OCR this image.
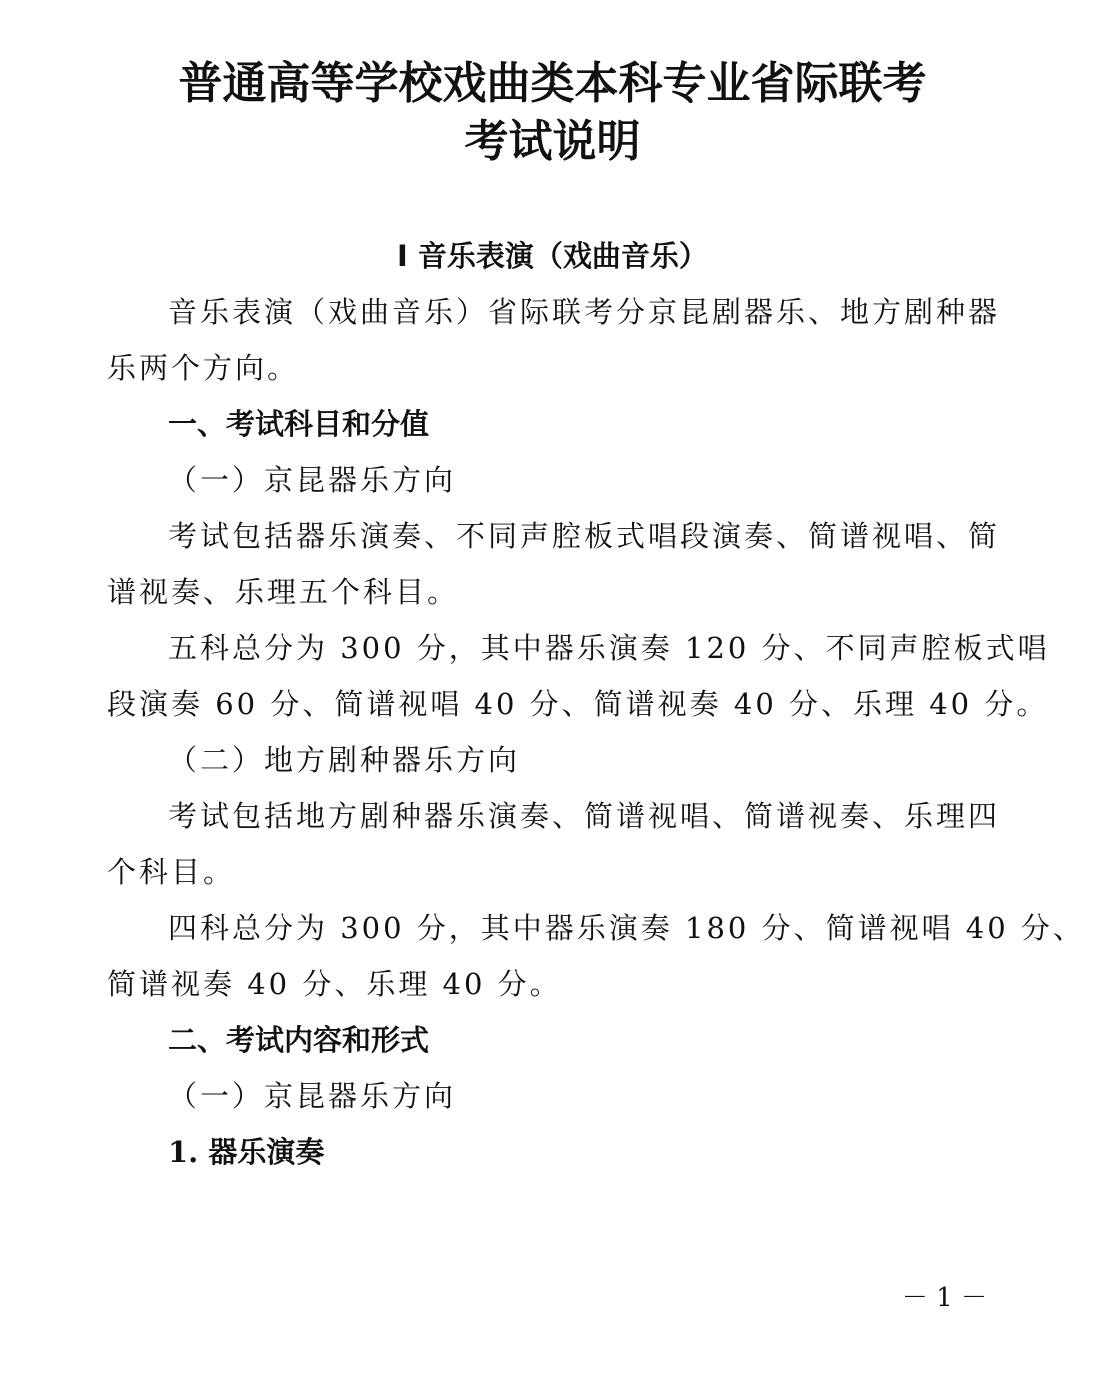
普通高等学校戏曲类本科专业省际联考
考试说明

I 音乐表演（戏曲音乐）

音乐表演（戏曲音乐）省际联考分京昆剧器乐、地方剧种器

乐两个方向。

一、考试科目和分值

（一）京昆器乐方向

考试包括器乐演奏、不同声腔板式唱段演奏、简谱视唱、简

谱视奏、乐理五个科目。

五科总分为 300 分，其中器乐演奏 120 分、不同声腔板式唱

段演奏 60 分、简谱视唱 40 分、简谱视奏 40 分、乐理 40 分。

（二）地方剧种器乐方向

考试包括地方剧种器乐演奏、简谱视唱、简谱视奏、乐理四

个科目。

四科总分为 300 分，其中器乐演奏 180 分、简谱视唱 40 分、

简谱视奏 40 分、乐理 40 分。

二、考试内容和形式

（一）京昆器乐方向

1. 器乐演奏

－ 1 －
